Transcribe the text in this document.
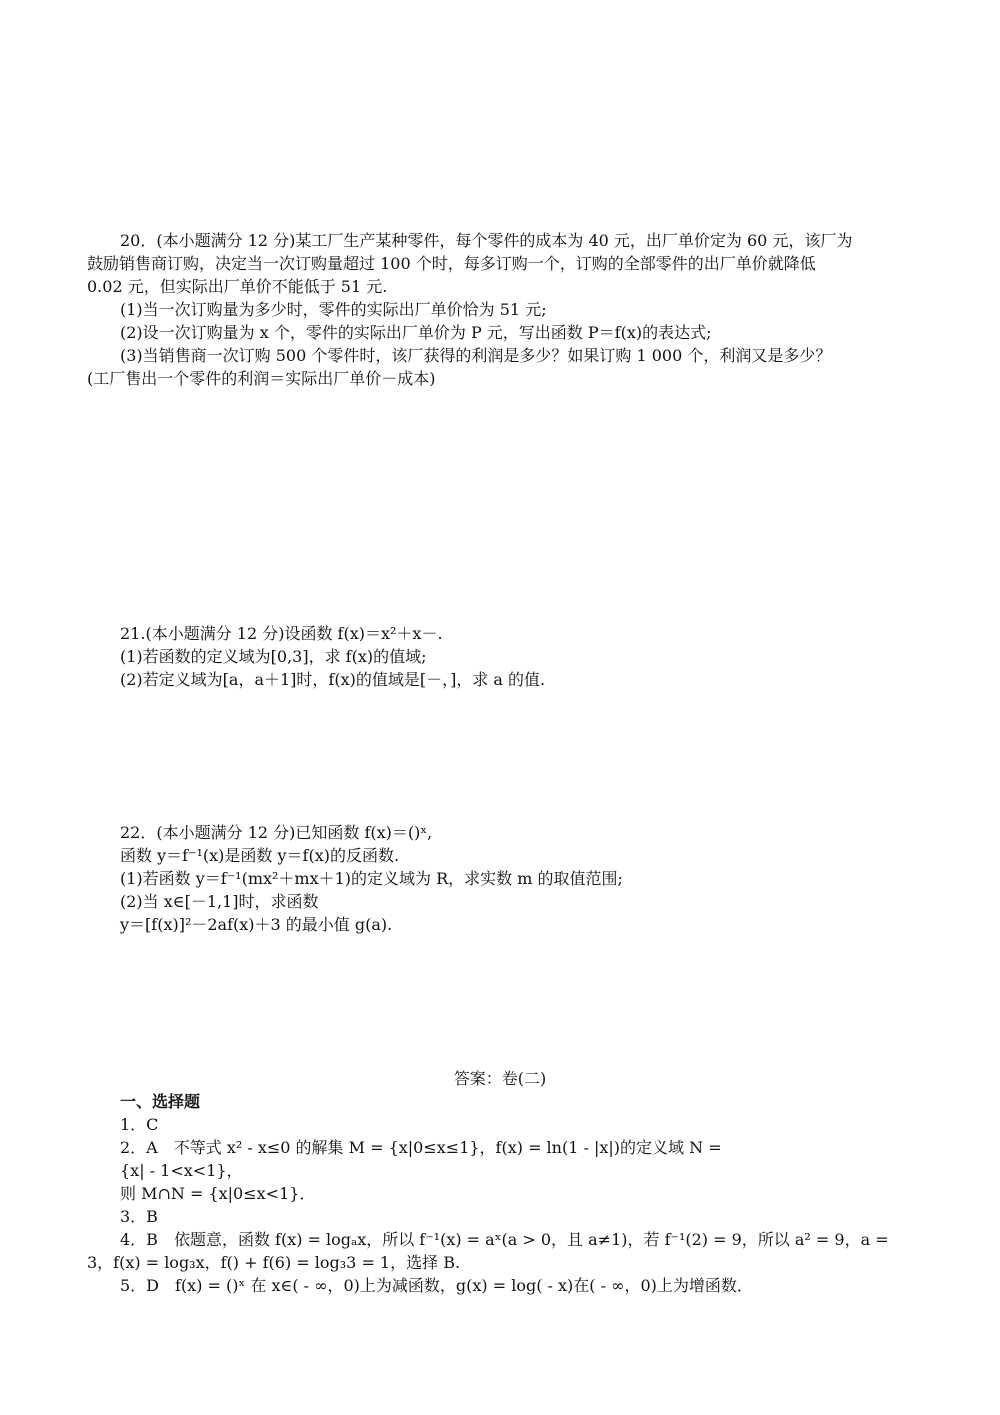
20．(本小题满分 12 分)某工厂生产某种零件，每个零件的成本为 40 元，出厂单价定为 60 元，该厂为
鼓励销售商订购，决定当一次订购量超过 100 个时，每多订购一个，订购的全部零件的出厂单价就降低
0.02 元，但实际出厂单价不能低于 51 元.
(1)当一次订购量为多少时，零件的实际出厂单价恰为 51 元;
(2)设一次订购量为 x 个，零件的实际出厂单价为 P 元，写出函数 P＝f(x)的表达式;
(3)当销售商一次订购 500 个零件时，该厂获得的利润是多少？如果订购 1 000 个，利润又是多少？
(工厂售出一个零件的利润＝实际出厂单价－成本)
21.(本小题满分 12 分)设函数 f(x)＝x²＋x－.
(1)若函数的定义域为[0,3]，求 f(x)的值域;
(2)若定义域为[a，a＋1]时，f(x)的值域是[－，]，求 a 的值.
22．(本小题满分 12 分)已知函数 f(x)＝()ˣ,
函数 y＝f⁻¹(x)是函数 y＝f(x)的反函数.
(1)若函数 y＝f⁻¹(mx²＋mx＋1)的定义域为 R，求实数 m 的取值范围;
(2)当 x∈[－1,1]时，求函数
y＝[f(x)]²－2af(x)＋3 的最小值 g(a).
答案：卷(二)
一、选择题
1．C
2．A　不等式 x² - x≤0 的解集 M = {x|0≤x≤1}，f(x) = ln(1 - |x|)的定义域 N =
{x| - 1<x<1}，
则 M∩N = {x|0≤x<1}．
3．B
4．B　依题意，函数 f(x) = logₐx，所以 f⁻¹(x) = aˣ(a > 0，且 a≠1)，若 f⁻¹(2) = 9，所以 a² = 9，a =
3，f(x) = log₃x，f() + f(6) = log₃3 = 1，选择 B.
5．D　f(x) = ()ˣ 在 x∈( - ∞，0)上为减函数，g(x) = log( - x)在( - ∞，0)上为增函数．
